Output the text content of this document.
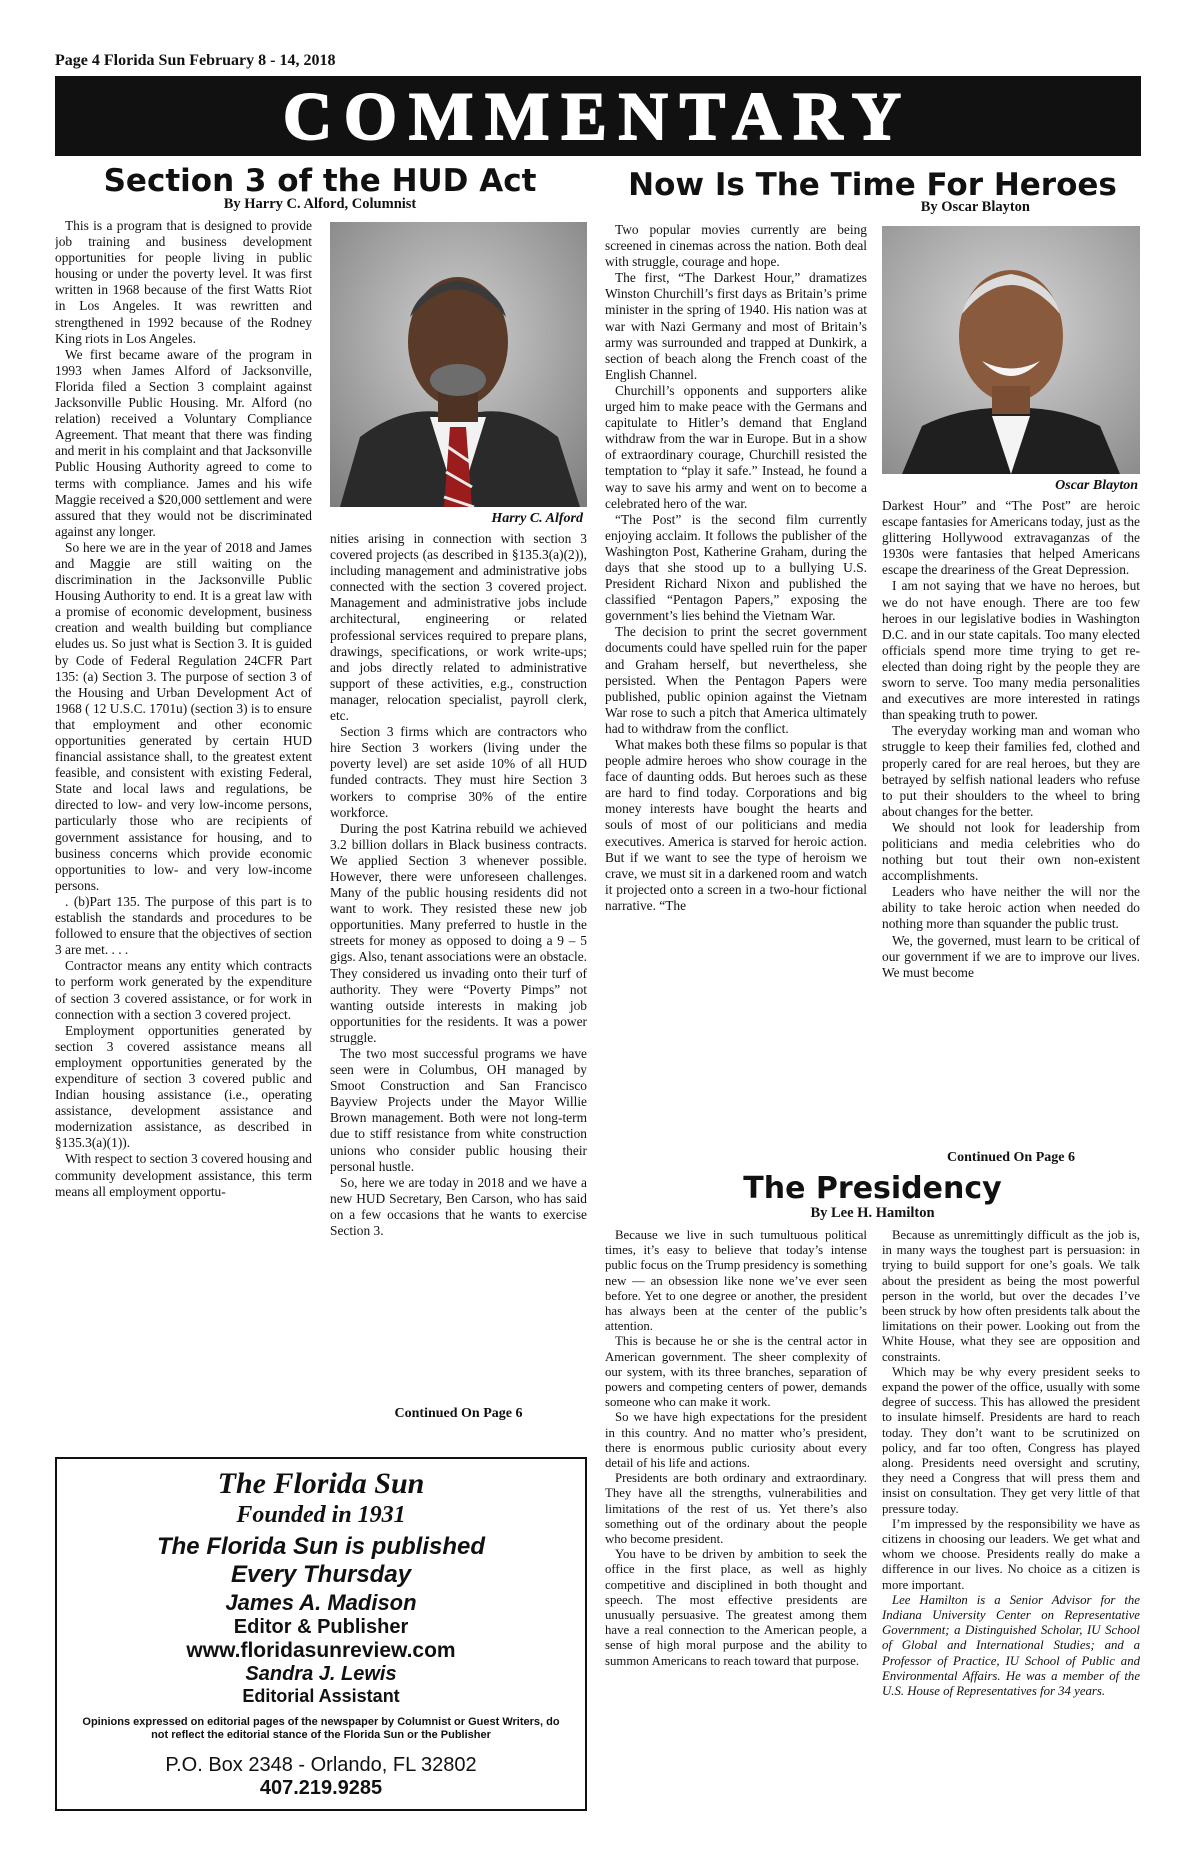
Page 4 Florida Sun February 8 - 14, 2018
COMMENTARY
Section 3 of the HUD Act
By Harry C. Alford, Columnist

This is a program that is designed to provide job training and business development opportunities for people living in public housing or under the poverty level. It was first written in 1968 because of the first Watts Riot in Los Angeles. It was rewritten and strengthened in 1992 because of the Rodney King riots in Los Angeles.

We first became aware of the program in 1993 when James Alford of Jacksonville, Florida filed a Section 3 complaint against Jacksonville Public Housing. Mr. Alford (no relation) received a Voluntary Compliance Agreement. That meant that there was finding and merit in his complaint and that Jacksonville Public Housing Authority agreed to come to terms with compliance. James and his wife Maggie received a $20,000 settlement and were assured that they would not be discriminated against any longer.

So here we are in the year of 2018 and James and Maggie are still waiting on the discrimination in the Jacksonville Public Housing Authority to end. It is a great law with a promise of economic development, business creation and wealth building but compliance eludes us. So just what is Section 3. It is guided by Code of Federal Regulation 24CFR Part 135: (a) Section 3. The purpose of section 3 of the Housing and Urban Development Act of 1968 ( 12 U.S.C. 1701u) (section 3) is to ensure that employment and other economic opportunities generated by certain HUD financial assistance shall, to the greatest extent feasible, and consistent with existing Federal, State and local laws and regulations, be directed to low- and very low-income persons, particularly those who are recipients of government assistance for housing, and to business concerns which provide economic opportunities to low- and very low-income persons.

. (b)Part 135. The purpose of this part is to establish the standards and procedures to be followed to ensure that the objectives of section 3 are met. . . .

Contractor means any entity which contracts to perform work generated by the expenditure of section 3 covered assistance, or for work in connection with a section 3 covered project.

Employment opportunities generated by section 3 covered assistance means all employment opportunities generated by the expenditure of section 3 covered public and Indian housing assistance (i.e., operating assistance, development assistance and modernization assistance, as described in §135.3(a)(1)).

With respect to section 3 covered housing and community development assistance, this term means all employment opportu-

Harry C. Alford

nities arising in connection with section 3 covered projects (as described in §135.3(a)(2)), including management and administrative jobs connected with the section 3 covered project. Management and administrative jobs include architectural, engineering or related professional services required to prepare plans, drawings, specifications, or work write-ups; and jobs directly related to administrative support of these activities, e.g., construction manager, relocation specialist, payroll clerk, etc.

Section 3 firms which are contractors who hire Section 3 workers (living under the poverty level) are set aside 10% of all HUD funded contracts. They must hire Section 3 workers to comprise 30% of the entire workforce.

During the post Katrina rebuild we achieved 3.2 billion dollars in Black business contracts. We applied Section 3 whenever possible. However, there were unforeseen challenges. Many of the public housing residents did not want to work. They resisted these new job opportunities. Many preferred to hustle in the streets for money as opposed to doing a 9 – 5 gigs. Also, tenant associations were an obstacle. They considered us invading onto their turf of authority. They were “Poverty Pimps” not wanting outside interests in making job opportunities for the residents. It was a power struggle.

The two most successful programs we have seen were in Columbus, OH managed by Smoot Construction and San Francisco Bayview Projects under the Mayor Willie Brown management. Both were not long-term due to stiff resistance from white construction unions who consider public housing their personal hustle.

So, here we are today in 2018 and we have a new HUD Secretary, Ben Carson, who has said on a few occasions that he wants to exercise Section 3.

Continued On Page 6
The Florida Sun
Founded in 1931
The Florida Sun is published
Every Thursday
James A. Madison
Editor & Publisher
www.floridasunreview.com
Sandra J. Lewis
Editorial Assistant
Opinions expressed on editorial pages of the newspaper by Columnist or Guest Writers, do not reflect the editorial stance of the Florida Sun or the Publisher
P.O. Box 2348 - Orlando, FL 32802
407.219.9285
Now Is The Time For Heroes
By Oscar Blayton

Two popular movies currently are being screened in cinemas across the nation. Both deal with struggle, courage and hope.

The first, “The Darkest Hour,” dramatizes Winston Churchill’s first days as Britain’s prime minister in the spring of 1940. His nation was at war with Nazi Germany and most of Britain’s army was surrounded and trapped at Dunkirk, a section of beach along the French coast of the English Channel.

Churchill’s opponents and supporters alike urged him to make peace with the Germans and capitulate to Hitler’s demand that England withdraw from the war in Europe. But in a show of extraordinary courage, Churchill resisted the temptation to “play it safe.” Instead, he found a way to save his army and went on to become a celebrated hero of the war.

“The Post” is the second film currently enjoying acclaim. It follows the publisher of the Washington Post, Katherine Graham, during the days that she stood up to a bullying U.S. President Richard Nixon and published the classified “Pentagon Papers,” exposing the government’s lies behind the Vietnam War.

The decision to print the secret government documents could have spelled ruin for the paper and Graham herself, but nevertheless, she persisted. When the Pentagon Papers were published, public opinion against the Vietnam War rose to such a pitch that America ultimately had to withdraw from the conflict.

What makes both these films so popular is that people admire heroes who show courage in the face of daunting odds. But heroes such as these are hard to find today. Corporations and big money interests have bought the hearts and souls of most of our politicians and media executives. America is starved for heroic action. But if we want to see the type of heroism we crave, we must sit in a darkened room and watch it projected onto a screen in a two-hour fictional narrative. “The

Oscar Blayton

Darkest Hour” and “The Post” are heroic escape fantasies for Americans today, just as the glittering Hollywood extravaganzas of the 1930s were fantasies that helped Americans escape the dreariness of the Great Depression.

I am not saying that we have no heroes, but we do not have enough. There are too few heroes in our legislative bodies in Washington D.C. and in our state capitals. Too many elected officials spend more time trying to get re-elected than doing right by the people they are sworn to serve. Too many media personalities and executives are more interested in ratings than speaking truth to power.

The everyday working man and woman who struggle to keep their families fed, clothed and properly cared for are real heroes, but they are betrayed by selfish national leaders who refuse to put their shoulders to the wheel to bring about changes for the better.

We should not look for leadership from politicians and media celebrities who do nothing but tout their own non-existent accomplishments.

Leaders who have neither the will nor the ability to take heroic action when needed do nothing more than squander the public trust.

We, the governed, must learn to be critical of our government if we are to improve our lives. We must become

Continued On Page 6
The Presidency
By Lee H. Hamilton

Because we live in such tumultuous political times, it’s easy to believe that today’s intense public focus on the Trump presidency is something new — an obsession like none we’ve ever seen before. Yet to one degree or another, the president has always been at the center of the public’s attention.

This is because he or she is the central actor in American government. The sheer complexity of our system, with its three branches, separation of powers and competing centers of power, demands someone who can make it work.

So we have high expectations for the president in this country. And no matter who’s president, there is enormous public curiosity about every detail of his life and actions.

Presidents are both ordinary and extraordinary. They have all the strengths, vulnerabilities and limitations of the rest of us. Yet there’s also something out of the ordinary about the people who become president.

You have to be driven by ambition to seek the office in the first place, as well as highly competitive and disciplined in both thought and speech. The most effective presidents are unusually persuasive. The greatest among them have a real connection to the American people, a sense of high moral purpose and the ability to summon Americans to reach toward that purpose.

Because as unremittingly difficult as the job is, in many ways the toughest part is persuasion: in trying to build support for one’s goals. We talk about the president as being the most powerful person in the world, but over the decades I’ve been struck by how often presidents talk about the limitations on their power. Looking out from the White House, what they see are opposition and constraints.

Which may be why every president seeks to expand the power of the office, usually with some degree of success. This has allowed the president to insulate himself. Presidents are hard to reach today. They don’t want to be scrutinized on policy, and far too often, Congress has played along. Presidents need oversight and scrutiny, they need a Congress that will press them and insist on consultation. They get very little of that pressure today.

I’m impressed by the responsibility we have as citizens in choosing our leaders. We get what and whom we choose. Presidents really do make a difference in our lives. No choice as a citizen is more important.

Lee Hamilton is a Senior Advisor for the Indiana University Center on Representative Government; a Distinguished Scholar, IU School of Global and International Studies; and a Professor of Practice, IU School of Public and Environmental Affairs. He was a member of the U.S. House of Representatives for 34 years.
